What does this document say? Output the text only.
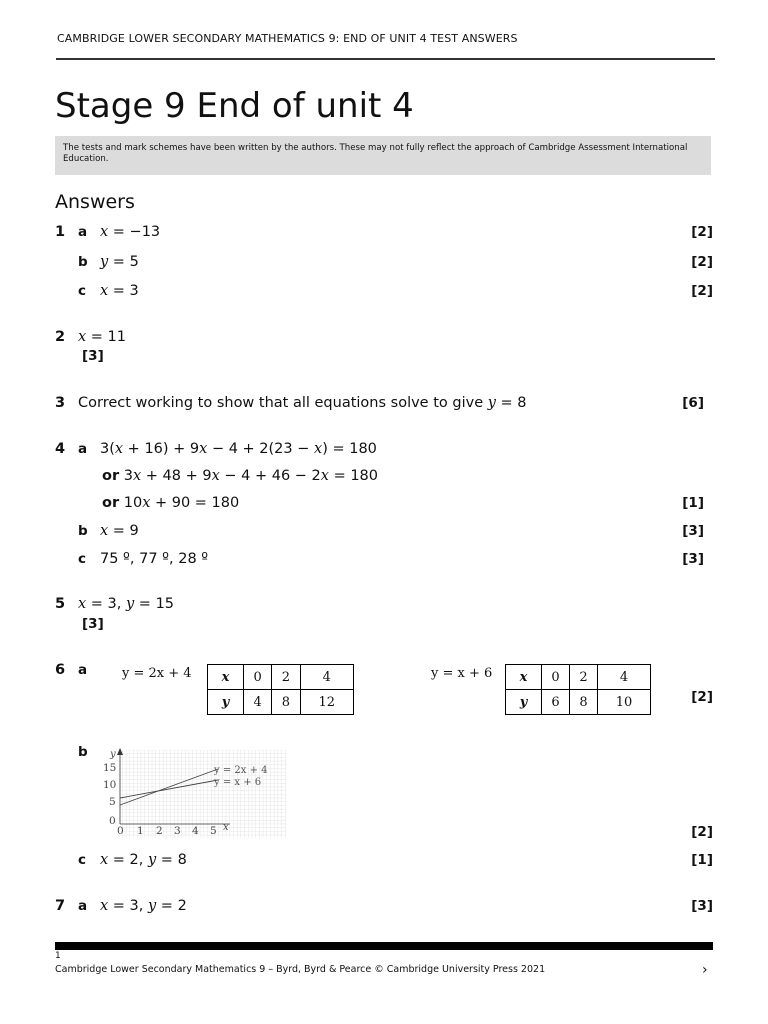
CAMBRIDGE LOWER SECONDARY MATHEMATICS 9: END OF UNIT 4 TEST ANSWERS
Stage 9 End of unit 4
The tests and mark schemes have been written by the authors. These may not fully reflect the approach of Cambridge Assessment International Education.
Answers
1 a x = −13	[2]
b y = 5	[2]
c x = 3	[2]
2 x = 11
[3]
3 Correct working to show that all equations solve to give y = 8	[6]
4 a 3(x + 16) + 9x − 4 + 2(23 − x) = 180
or 3x + 48 + 9x − 4 + 46 − 2x = 180
or 10x + 90 = 180	[1]
b x = 9	[3]
c 75 º, 77 º, 28 º	[3]
5 x = 3, y = 15
[3]
6 a	y = 2x + 4 x	0	2	4
y	4	8	12
y = x + 6 x	0	2	4
y	6	8	10	[2]
b y
x
15
10
5
0
0 1 2 3 4 5
y = 2x + 4
y = x + 6
[2]
c x = 2, y = 8	[1]
7 a x = 3, y = 2	[3]
1
Cambridge Lower Secondary Mathematics 9 – Byrd, Byrd & Pearce © Cambridge University Press 2021	›
